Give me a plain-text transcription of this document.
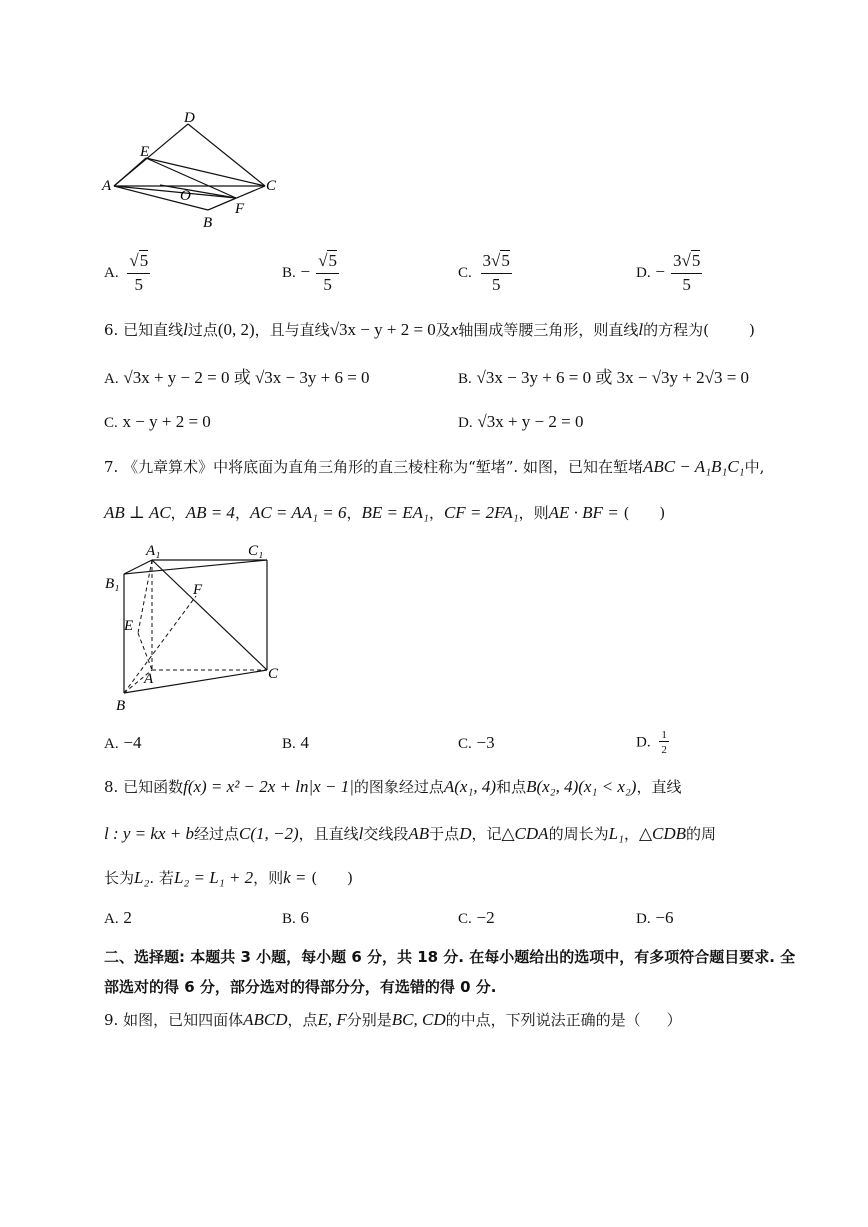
D
E
A
O
C
F
B
A. $\frac{√5}{5}$	B. − $\frac{√5}{5}$	C. $\frac{3√5}{5}$	D. − $\frac{3√5}{5}$
6. 已知直线l过点(0, 2)，且与直线√3x − y + 2 = 0及x轴围成等腰三角形，则直线l的方程为(	)
A. √3x + y − 2 = 0 或 √3x − 3y + 6 = 0	B. √3x − 3y + 6 = 0 或 3x − √3y + 2√3 = 0
C. x − y + 2 = 0	D. √3x + y − 2 = 0
7. 《九章算术》中将底面为直角三角形的直三棱柱称为“堑堵”. 如图，已知在堑堵ABC − A₁B₁C₁中,
AB ⊥ AC，AB = 4，AC = AA₁ = 6，BE = EA₁，CF = 2FA₁，则AE · BF = ( )
A₁	C₁
B₁	F
E
A	C
B
A. −4	B. 4	C. −3	D. $\frac{1}{2}$
8. 已知函数f(x) = x² − 2x + ln|x − 1|的图象经过点A(x₁, 4)和点B(x₂, 4)(x₁ < x₂)，直线
l : y = kx + b经过点C(1, −2)，且直线l交线段AB于点D，记△CDA的周长为L₁，△CDB的周
长为L₂. 若L₂ = L₁ + 2，则k = ( )
A. 2	B. 6	C. −2	D. −6
二、选择题: 本题共 3 小题，每小题 6 分，共 18 分. 在每小题给出的选项中，有多项符合题目要求. 全
部选对的得 6 分，部分选对的得部分分，有选错的得 0 分.
9. 如图，已知四面体ABCD，点E, F分别是BC, CD的中点，下列说法正确的是（ ）
